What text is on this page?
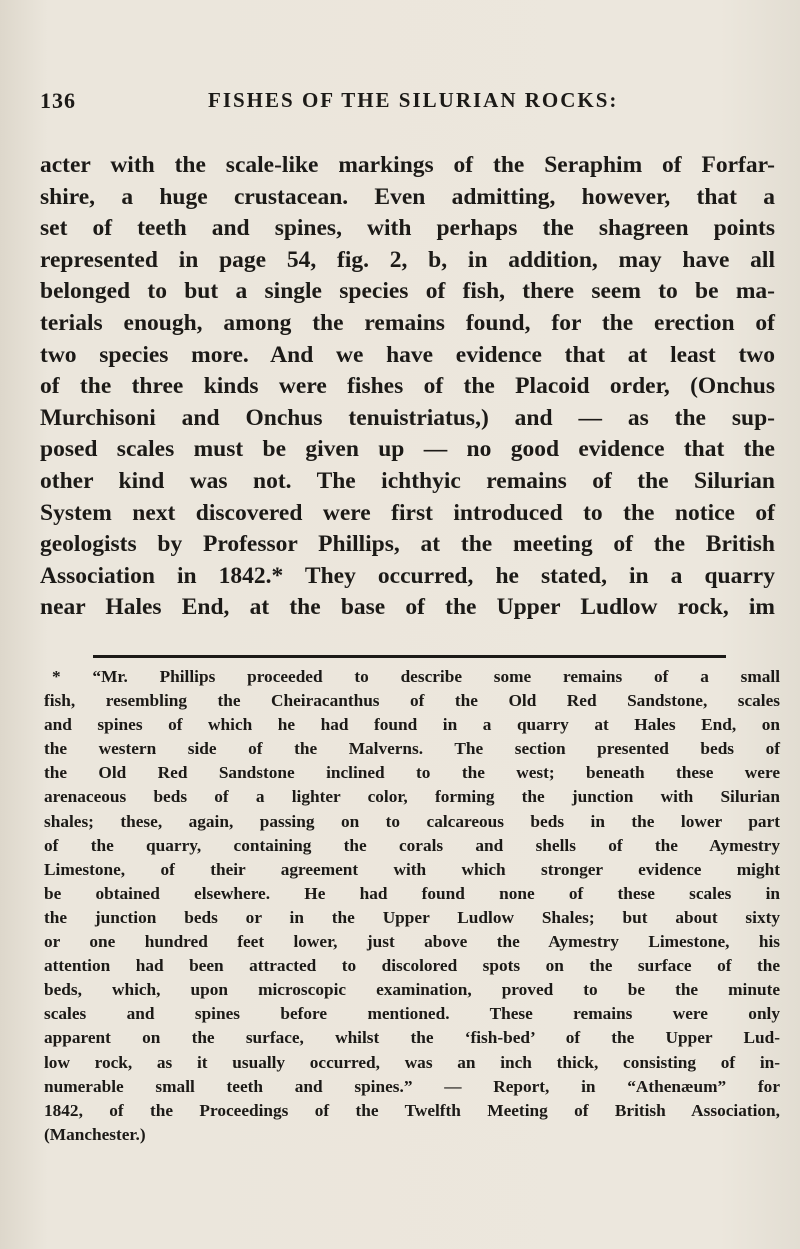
136	FISHES OF THE SILURIAN ROCKS:
acter with the scale-like markings of the Seraphim of Forfar-
shire, a huge crustacean. Even admitting, however, that a
set of teeth and spines, with perhaps the shagreen points
represented in page 54, fig. 2, b, in addition, may have all
belonged to but a single species of fish, there seem to be ma-
terials enough, among the remains found, for the erection of
two species more. And we have evidence that at least two
of the three kinds were fishes of the Placoid order, (Onchus
Murchisoni and Onchus tenuistriatus,) and — as the sup-
posed scales must be given up — no good evidence that the
other kind was not. The ichthyic remains of the Silurian
System next discovered were first introduced to the notice of
geologists by Professor Phillips, at the meeting of the British
Association in 1842.* They occurred, he stated, in a quarry
near Hales End, at the base of the Upper Ludlow rock, im
* “Mr. Phillips proceeded to describe some remains of a small
fish, resembling the Cheiracanthus of the Old Red Sandstone, scales
and spines of which he had found in a quarry at Hales End, on
the western side of the Malverns. The section presented beds of
the Old Red Sandstone inclined to the west; beneath these were
arenaceous beds of a lighter color, forming the junction with Silurian
shales; these, again, passing on to calcareous beds in the lower part
of the quarry, containing the corals and shells of the Aymestry
Limestone, of their agreement with which stronger evidence might
be obtained elsewhere. He had found none of these scales in
the junction beds or in the Upper Ludlow Shales; but about sixty
or one hundred feet lower, just above the Aymestry Limestone, his
attention had been attracted to discolored spots on the surface of the
beds, which, upon microscopic examination, proved to be the minute
scales and spines before mentioned. These remains were only
apparent on the surface, whilst the ‘fish-bed’ of the Upper Lud-
low rock, as it usually occurred, was an inch thick, consisting of in-
numerable small teeth and spines.” — Report, in “Athenæum” for
1842, of the Proceedings of the Twelfth Meeting of British Association,
(Manchester.)
